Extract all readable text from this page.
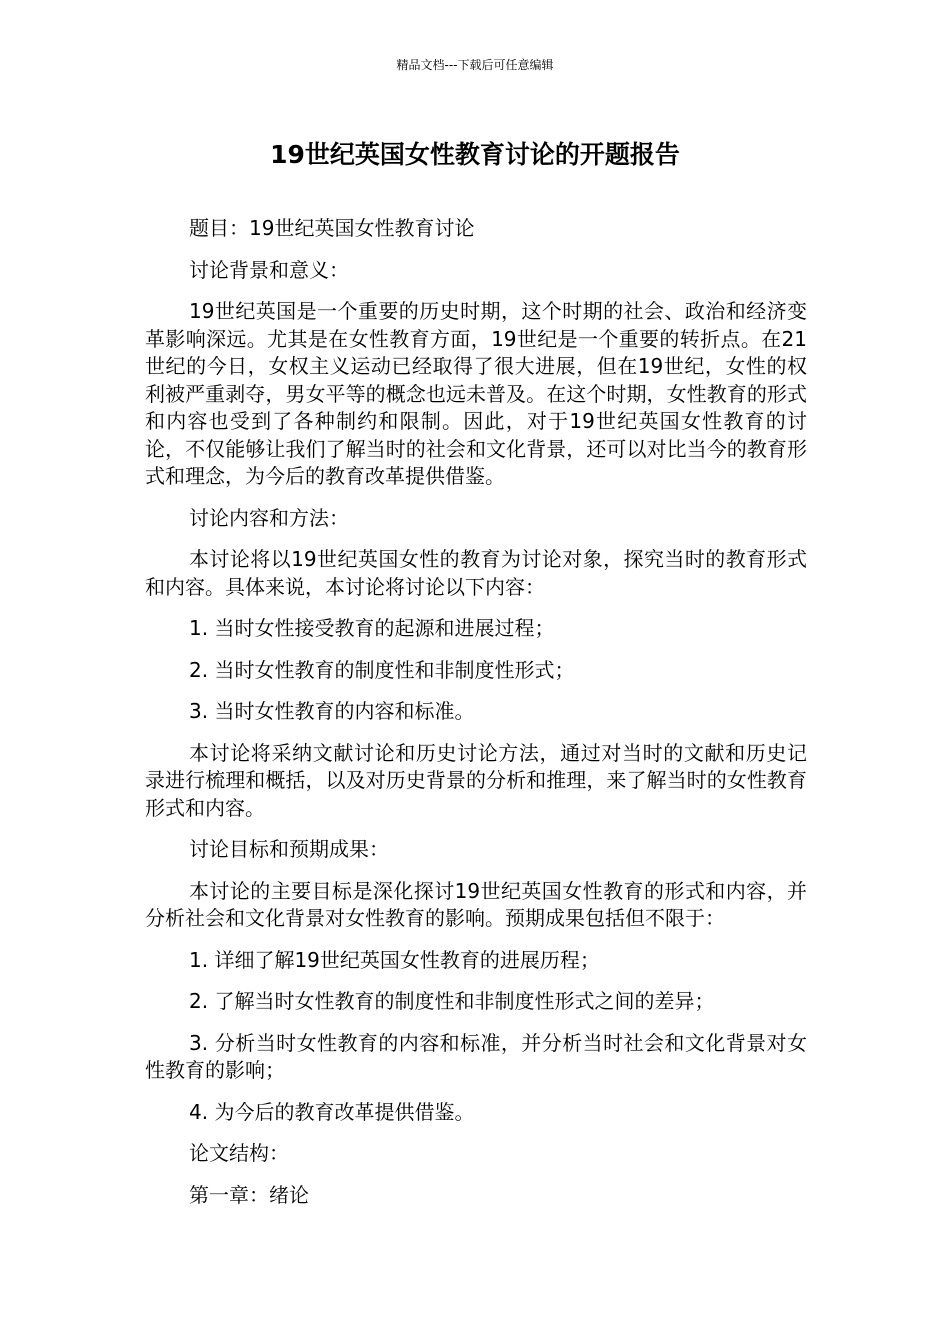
精品文档---下载后可任意编辑
19世纪英国女性教育讨论的开题报告

题目：19世纪英国女性教育讨论

讨论背景和意义：

19世纪英国是一个重要的历史时期，这个时期的社会、政治和经济变革影响深远。尤其是在女性教育方面，19世纪是一个重要的转折点。在21世纪的今日，女权主义运动已经取得了很大进展，但在19世纪，女性的权利被严重剥夺，男女平等的概念也远未普及。在这个时期，女性教育的形式和内容也受到了各种制约和限制。因此，对于19世纪英国女性教育的讨论，不仅能够让我们了解当时的社会和文化背景，还可以对比当今的教育形式和理念，为今后的教育改革提供借鉴。

讨论内容和方法：

本讨论将以19世纪英国女性的教育为讨论对象，探究当时的教育形式和内容。具体来说，本讨论将讨论以下内容：

1. 当时女性接受教育的起源和进展过程；

2. 当时女性教育的制度性和非制度性形式；

3. 当时女性教育的内容和标准。

本讨论将采纳文献讨论和历史讨论方法，通过对当时的文献和历史记录进行梳理和概括，以及对历史背景的分析和推理，来了解当时的女性教育形式和内容。

讨论目标和预期成果：

本讨论的主要目标是深化探讨19世纪英国女性教育的形式和内容，并分析社会和文化背景对女性教育的影响。预期成果包括但不限于：

1. 详细了解19世纪英国女性教育的进展历程；

2. 了解当时女性教育的制度性和非制度性形式之间的差异；

3. 分析当时女性教育的内容和标准，并分析当时社会和文化背景对女性教育的影响；

4. 为今后的教育改革提供借鉴。

论文结构：

第一章：绪论
